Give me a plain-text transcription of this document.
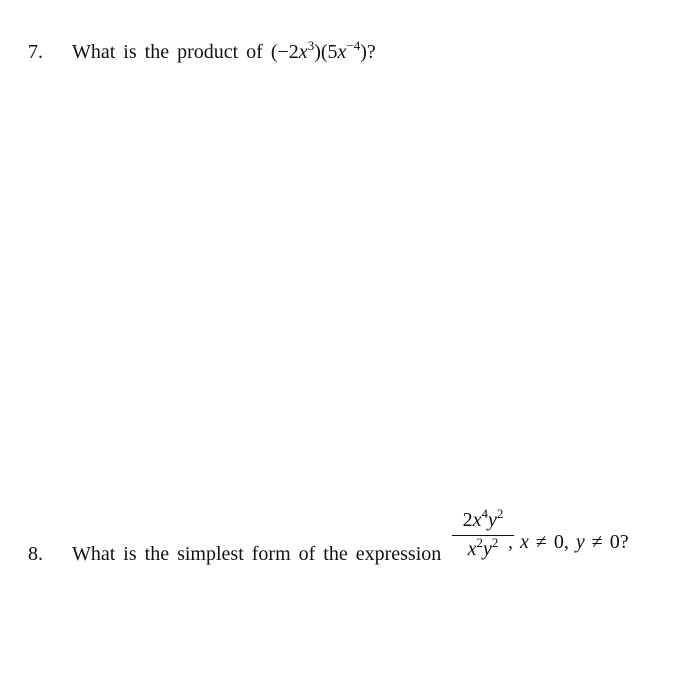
7. What is the product of $(-2x^3)(5x^{-4})$?
8. What is the simplest form of the expression
$2x^4y^2$
$x^2y^2$ , x ≠ 0, y ≠ 0?
